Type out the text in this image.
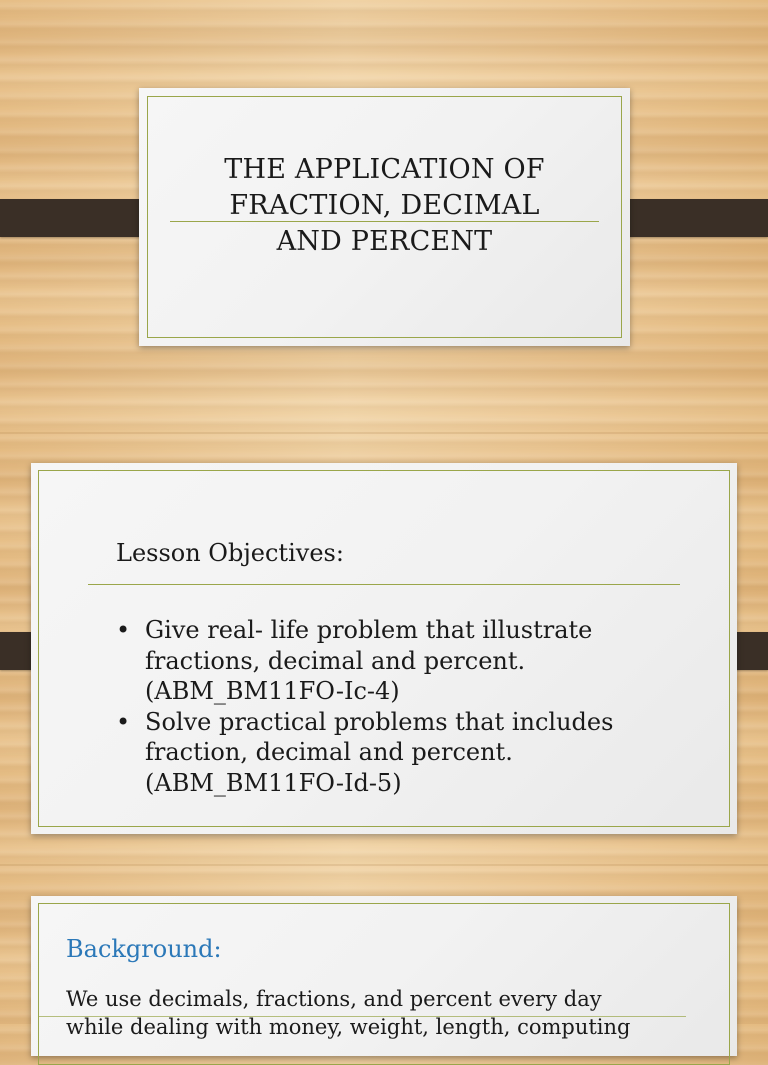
THE APPLICATION OF
FRACTION, DECIMAL
AND PERCENT
Lesson Objectives:
• Give real- life problem that illustrate
fractions, decimal and percent.
(ABM_BM11FO-Ic-4)
• Solve practical problems that includes
fraction, decimal and percent.
(ABM_BM11FO-Id-5)
Background:
We use decimals, fractions, and percent every day
while dealing with money, weight, length, computing
